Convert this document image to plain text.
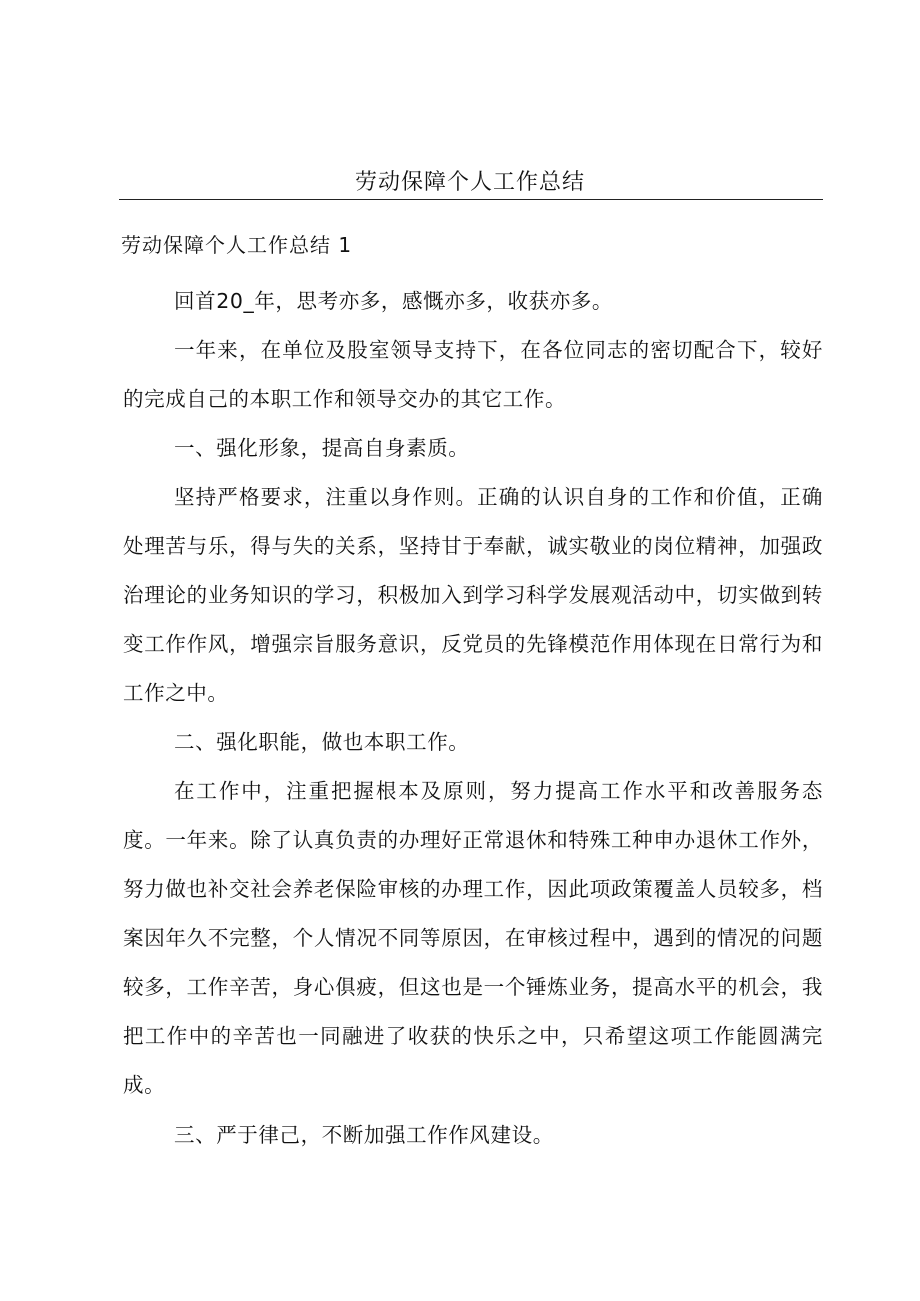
劳动保障个人工作总结
劳动保障个人工作总结 1

回首20_年，思考亦多，感慨亦多，收获亦多。

一年来，在单位及股室领导支持下，在各位同志的密切配合下，较好的完成自己的本职工作和领导交办的其它工作。

一、强化形象，提高自身素质。

坚持严格要求，注重以身作则。正确的认识自身的工作和价值，正确处理苦与乐，得与失的关系，坚持甘于奉献，诚实敬业的岗位精神，加强政治理论的业务知识的学习，积极加入到学习科学发展观活动中，切实做到转变工作作风，增强宗旨服务意识，反党员的先锋模范作用体现在日常行为和工作之中。

二、强化职能，做也本职工作。

在工作中，注重把握根本及原则，努力提高工作水平和改善服务态度。一年来。除了认真负责的办理好正常退休和特殊工种申办退休工作外，努力做也补交社会养老保险审核的办理工作，因此项政策覆盖人员较多，档案因年久不完整，个人情况不同等原因，在审核过程中，遇到的情况的问题较多，工作辛苦，身心俱疲，但这也是一个锤炼业务，提高水平的机会，我把工作中的辛苦也一同融进了收获的快乐之中，只希望这项工作能圆满完成。

三、严于律己，不断加强工作作风建设。
